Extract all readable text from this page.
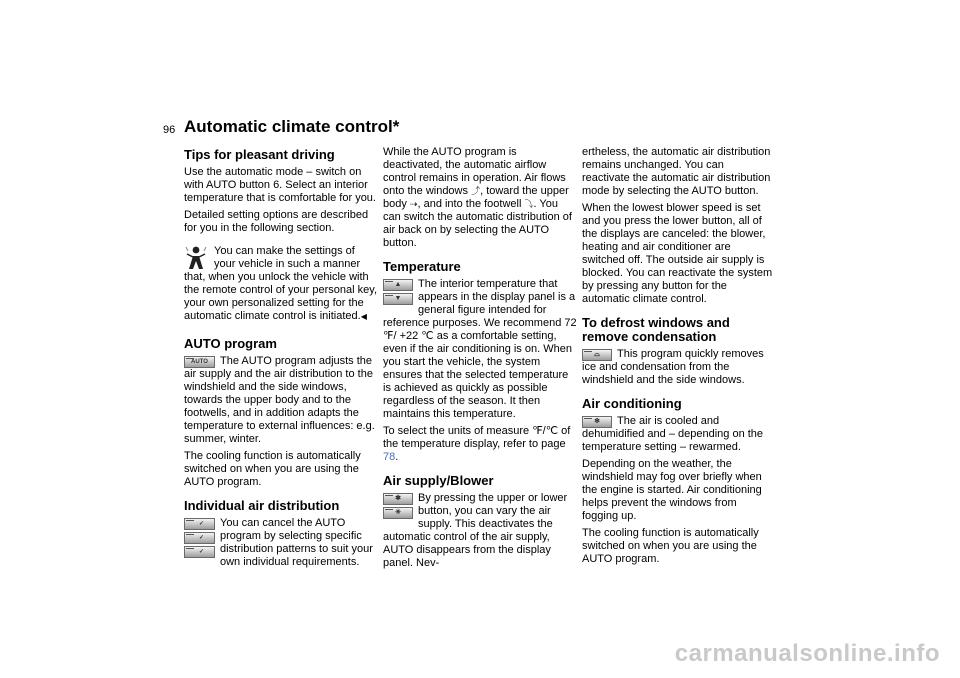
96 Automatic climate control*
Tips for pleasant driving

Use the automatic mode – switch on with AUTO button 6. Select an interior temperature that is comfortable for you.

Detailed setting options are described for you in the following section.

You can make the settings of your vehicle in such a manner that, when you unlock the vehicle with the remote control of your personal key, your own personalized setting for the automatic climate control is initiated.◀

AUTO program
AUTO	The AUTO program adjusts the air supply and the air distribution to the windshield and the side windows, towards the upper body and to the footwells, and in addition adapts the temperature to external influences: e.g. summer, winter.

The cooling function is automatically switched on when you are using the AUTO program.

Individual air distribution
✓
✓
✓

You can cancel the AUTO program by selecting specific distribution patterns to suit your own individual requirements.

While the AUTO program is deactivated, the automatic airflow control remains in operation. Air flows onto the windows ⤴, toward the upper body ⇢, and into the footwell ⤵. You can switch the automatic distribution of air back on by selecting the AUTO button.

Temperature
▲
▼

The interior temperature that appears in the display panel is a general figure intended for reference purposes. We recommend 72 ℉/ +22 ℃ as a comfortable setting, even if the air conditioning is on. When you start the vehicle, the system ensures that the selected temperature is achieved as quickly as possible regardless of the season. It then maintains this temperature.

To select the units of measure ℉/℃ of the temperature display, refer to page 78.

Air supply/Blower
✱
✳

By pressing the upper or lower button, you can vary the air supply. This deactivates the automatic control of the air supply, AUTO disappears from the display panel. Nev-

ertheless, the automatic air distribution remains unchanged. You can reactivate the automatic air distribution mode by selecting the AUTO button.

When the lowest blower speed is set and you press the lower button, all of the displays are canceled: the blower, heating and air conditioner are switched off. The outside air supply is blocked. You can reactivate the system by pressing any button for the automatic climate control.

To defrost windows and remove condensation
⌓	This program quickly removes ice and condensation from the windshield and the side windows.

Air conditioning
❄	The air is cooled and dehumidified and – depending on the temperature setting – rewarmed.

Depending on the weather, the windshield may fog over briefly when the engine is started. Air conditioning helps prevent the windows from fogging up.

The cooling function is automatically switched on when you are using the AUTO program.

carmanualsonline.info
